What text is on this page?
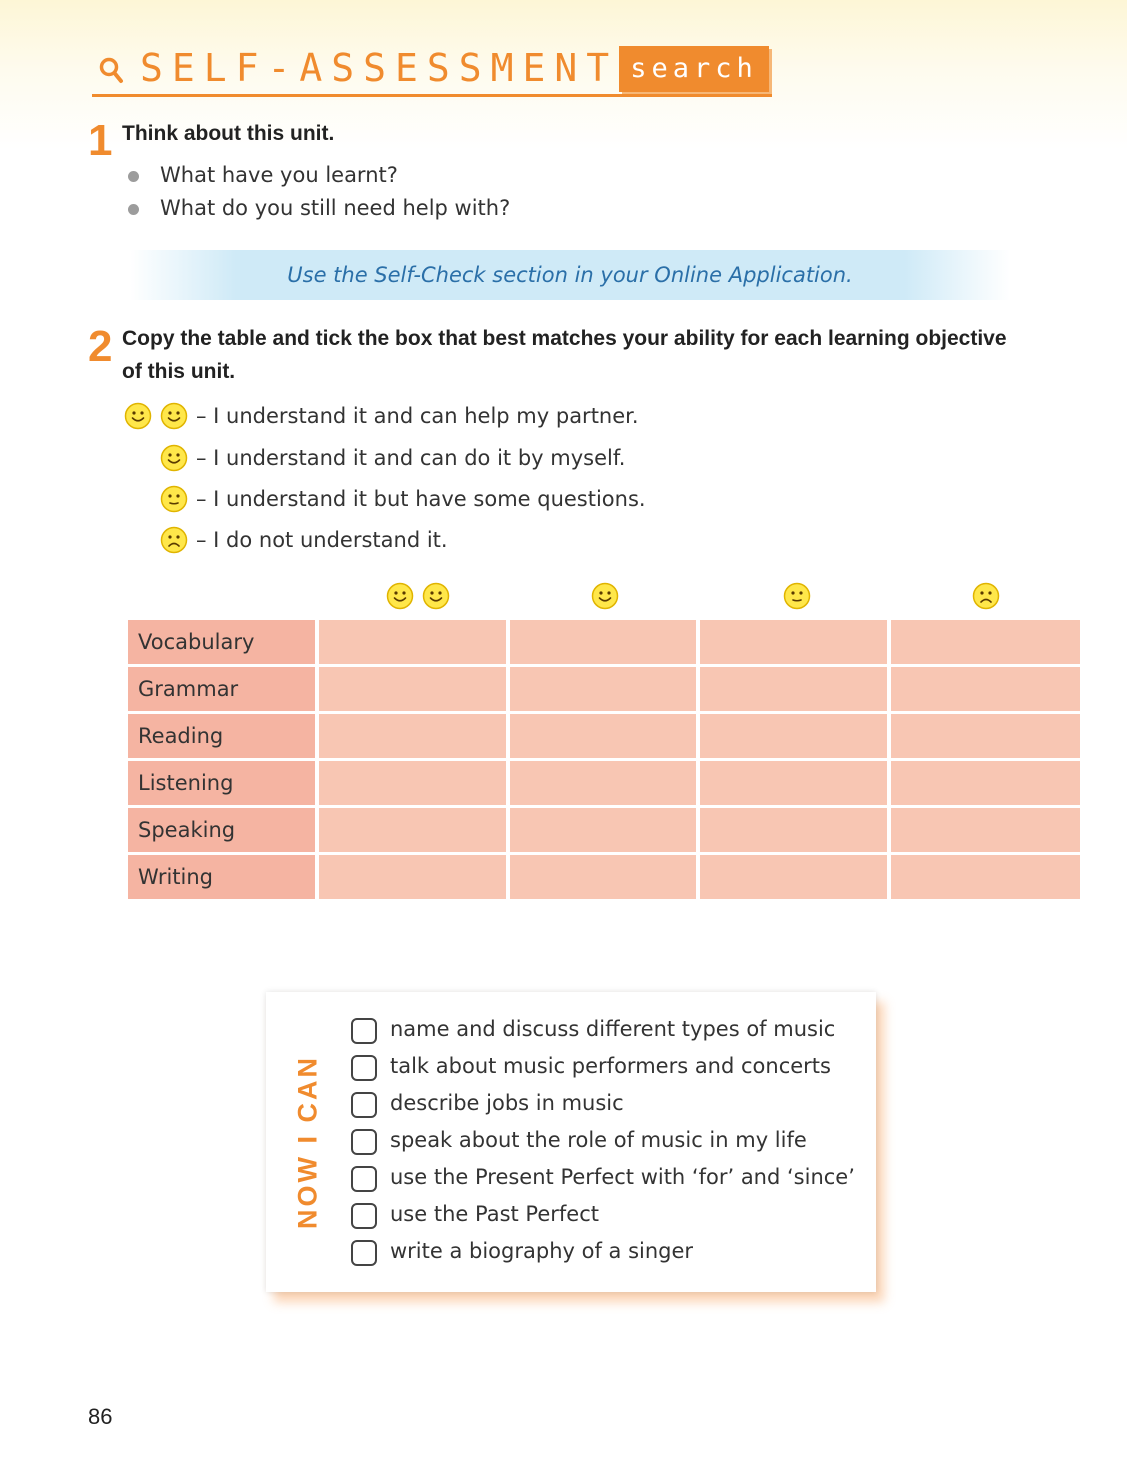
SELF-ASSESSMENT search
1 Think about this unit.
What have you learnt?
What do you still need help with?
Use the Self-Check section in your Online Application.
2 Copy the table and tick the box that best matches your ability for each learning objective
of this unit.
– I understand it and can help my partner.
– I understand it and can do it by myself.
– I understand it but have some questions.
– I do not understand it.
Vocabulary
Grammar
Reading
Listening
Speaking
Writing
NOW I CAN
name and discuss different types of music
talk about music performers and concerts
describe jobs in music
speak about the role of music in my life
use the Present Perfect with ‘for’ and ‘since’
use the Past Perfect
write a biography of a singer
86
